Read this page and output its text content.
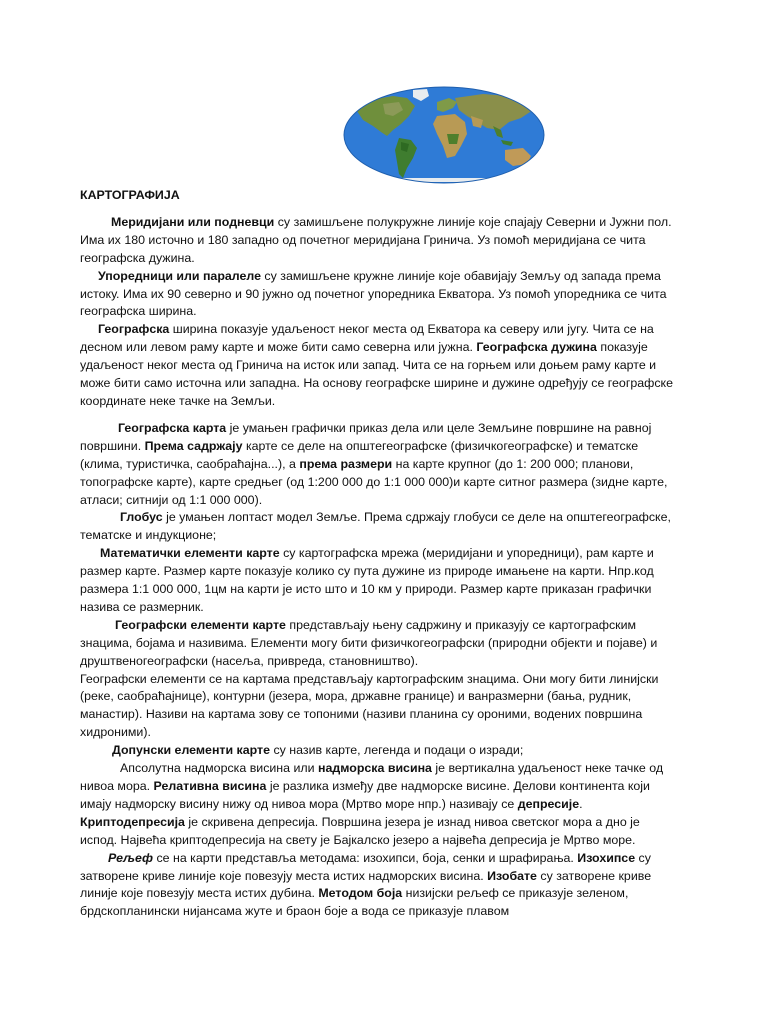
КАРТОГРАФИЈА

Меридијани или подневци су замишљене полукружне линије које спајају Северни и Јужни пол. Има их 180 источно и 180 западно од почетног меридијана Гринича. Уз помоћ меридијана се чита географска дужина.

Упоредници или паралеле су замишљене кружне линије које обавијају Земљу од запада према истоку. Има их 90 северно и 90 јужно од почетног упоредника Екватора. Уз помоћ упоредника се чита географска ширина.

Географска ширина показује удаљеност неког места од Екватора ка северу или југу. Чита се на десном или левом раму карте и може бити само северна или јужна. Географска дужина показује удаљеност неког места од Гринича на исток или запад. Чита се на горњем или доњем раму карте и може бити само источна или западна. На основу географске ширине и дужине одређују се географске координате неке тачке на Земљи.

Географска карта је умањен графички приказ дела или целе Земљине површине на равној површини. Према садржају карте се деле на општегеографске (физичкогеографске) и тематске (клима, туристичка, саобраћајна...), а према размери на карте крупног (до 1: 200 000; планови, топографске карте), карте средњег (од 1:200 000 до 1:1 000 000)и карте ситног размера (зидне карте, атласи; ситнији од 1:1 000 000).

Глобус је умањен лоптаст модел Земље. Према сдржају глобуси се деле на општегеографске, тематске и индукционе;

Математички елементи карте су картографска мрежа (меридијани и упоредници), рам карте и размер карте. Размер карте показује колико су пута дужине из природе имањене на карти. Нпр.код размера 1:1 000 000, 1цм на карти је исто што и 10 км у природи. Размер карте приказан графички назива се размерник.

Географски елементи карте представљају њену садржину и приказују се картографским знацима, бојама и називима. Елементи могу бити физичкогеографски (природни објекти и појаве) и друштвеногеографски (насеља, привреда, становништво).

Географски елементи се на картама представљају картографским знацима. Они могу бити линијски (реке, саобраћајнице), контурни (језера, мора, државне границе) и ванразмерни (бања, рудник, манастир). Називи на картама зову се топоними (називи планина су ороними, водених површина хидроними).

Допунски елементи карте су назив карте, легенда и подаци о изради;

Апсолутна надморска висина или надморска висина је вертикална удаљеност неке тачке од нивоа мора. Релативна висина је разлика између две надморске висине. Делови континента који имају надморску висину нижу од нивоа мора (Мртво море нпр.) називају се депресије. Криптодепресија је скривена депресија. Површина језера је изнад нивоа светског мора а дно је испод. Највећа криптодепресија на свету је Бајкалско језеро а највећа депресија је Мртво море.

Рељеф се на карти представља методама: изохипси, боја, сенки и шрафирања. Изохипсе су затворене криве линије које повезују места истих надморских висина. Изобате су затворене криве линије које повезују места истих дубина. Методом боја низијски рељеф се приказује зеленом, брдскопланински нијансама жуте и браон боје а вода се приказује плавом
